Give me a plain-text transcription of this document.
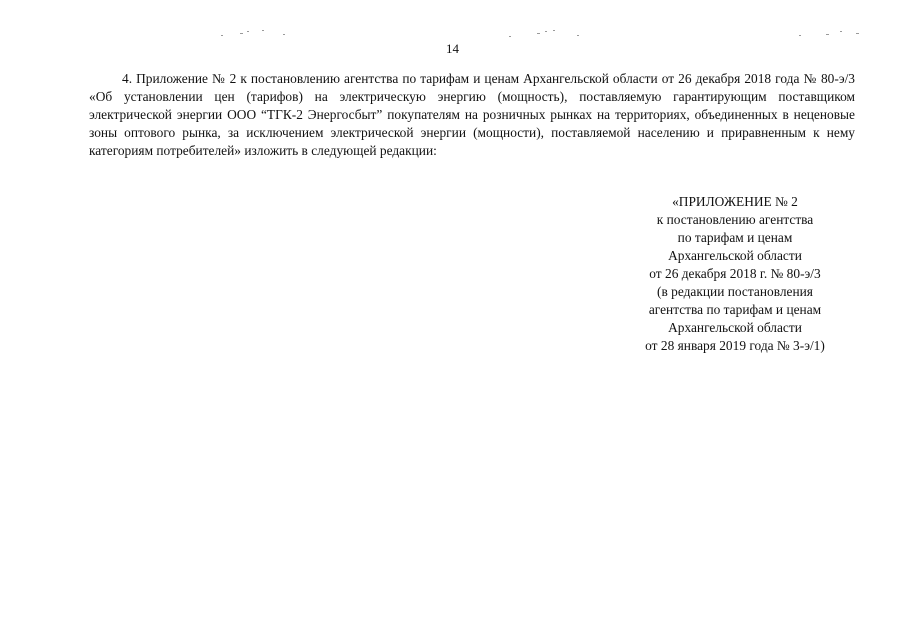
14

4. Приложение № 2 к постановлению агентства по тарифам и ценам Архангельской области от 26 декабря 2018 года № 80-э/3 «Об установлении цен (тарифов) на электрическую энергию (мощность), поставляемую гарантирующим поставщиком электрической энергии ООО “ТГК-2 Энергосбыт” покупателям на розничных рынках на территориях, объединенных в неценовые зоны оптового рынка, за исключением электрической энергии (мощности), поставляемой населению и приравненным к нему категориям потребителей» изложить в следующей редакции:

«ПРИЛОЖЕНИЕ № 2
к постановлению агентства
по тарифам и ценам
Архангельской области
от 26 декабря 2018 г. № 80-э/3
(в редакции постановления
агентства по тарифам и ценам
Архангельской области
от 28 января 2019 года № 3-э/1)
